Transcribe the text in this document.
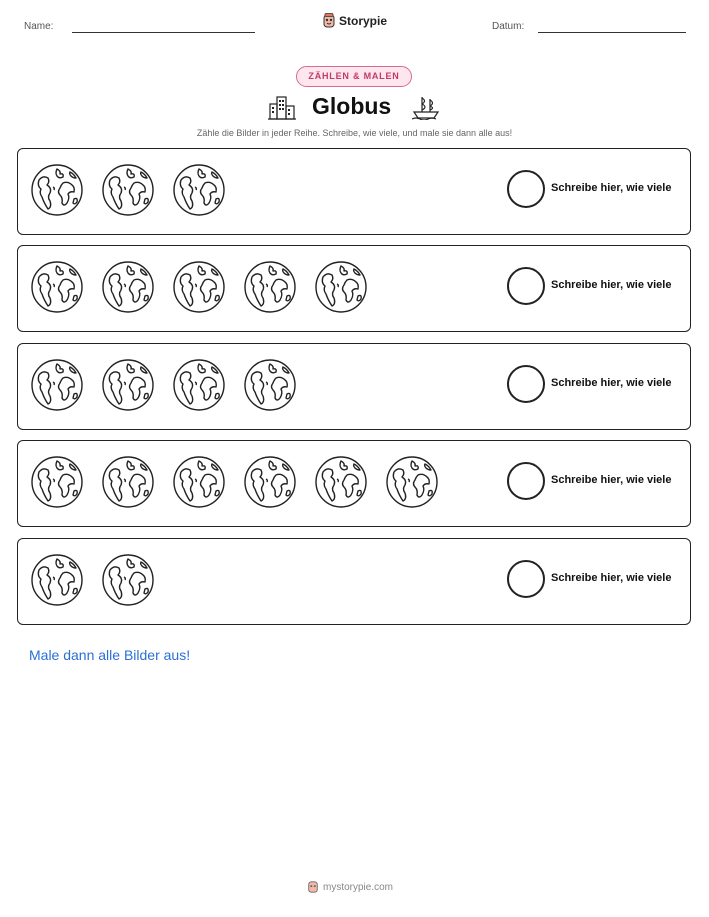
Name:	Storypie	Datum:
ZÄHLEN & MALEN
Globus
Zähle die Bilder in jeder Reihe. Schreibe, wie viele, und male sie dann alle aus!
Schreibe hier, wie viele
Schreibe hier, wie viele
Schreibe hier, wie viele
Schreibe hier, wie viele
Schreibe hier, wie viele
Male dann alle Bilder aus!
mystorypie.com
